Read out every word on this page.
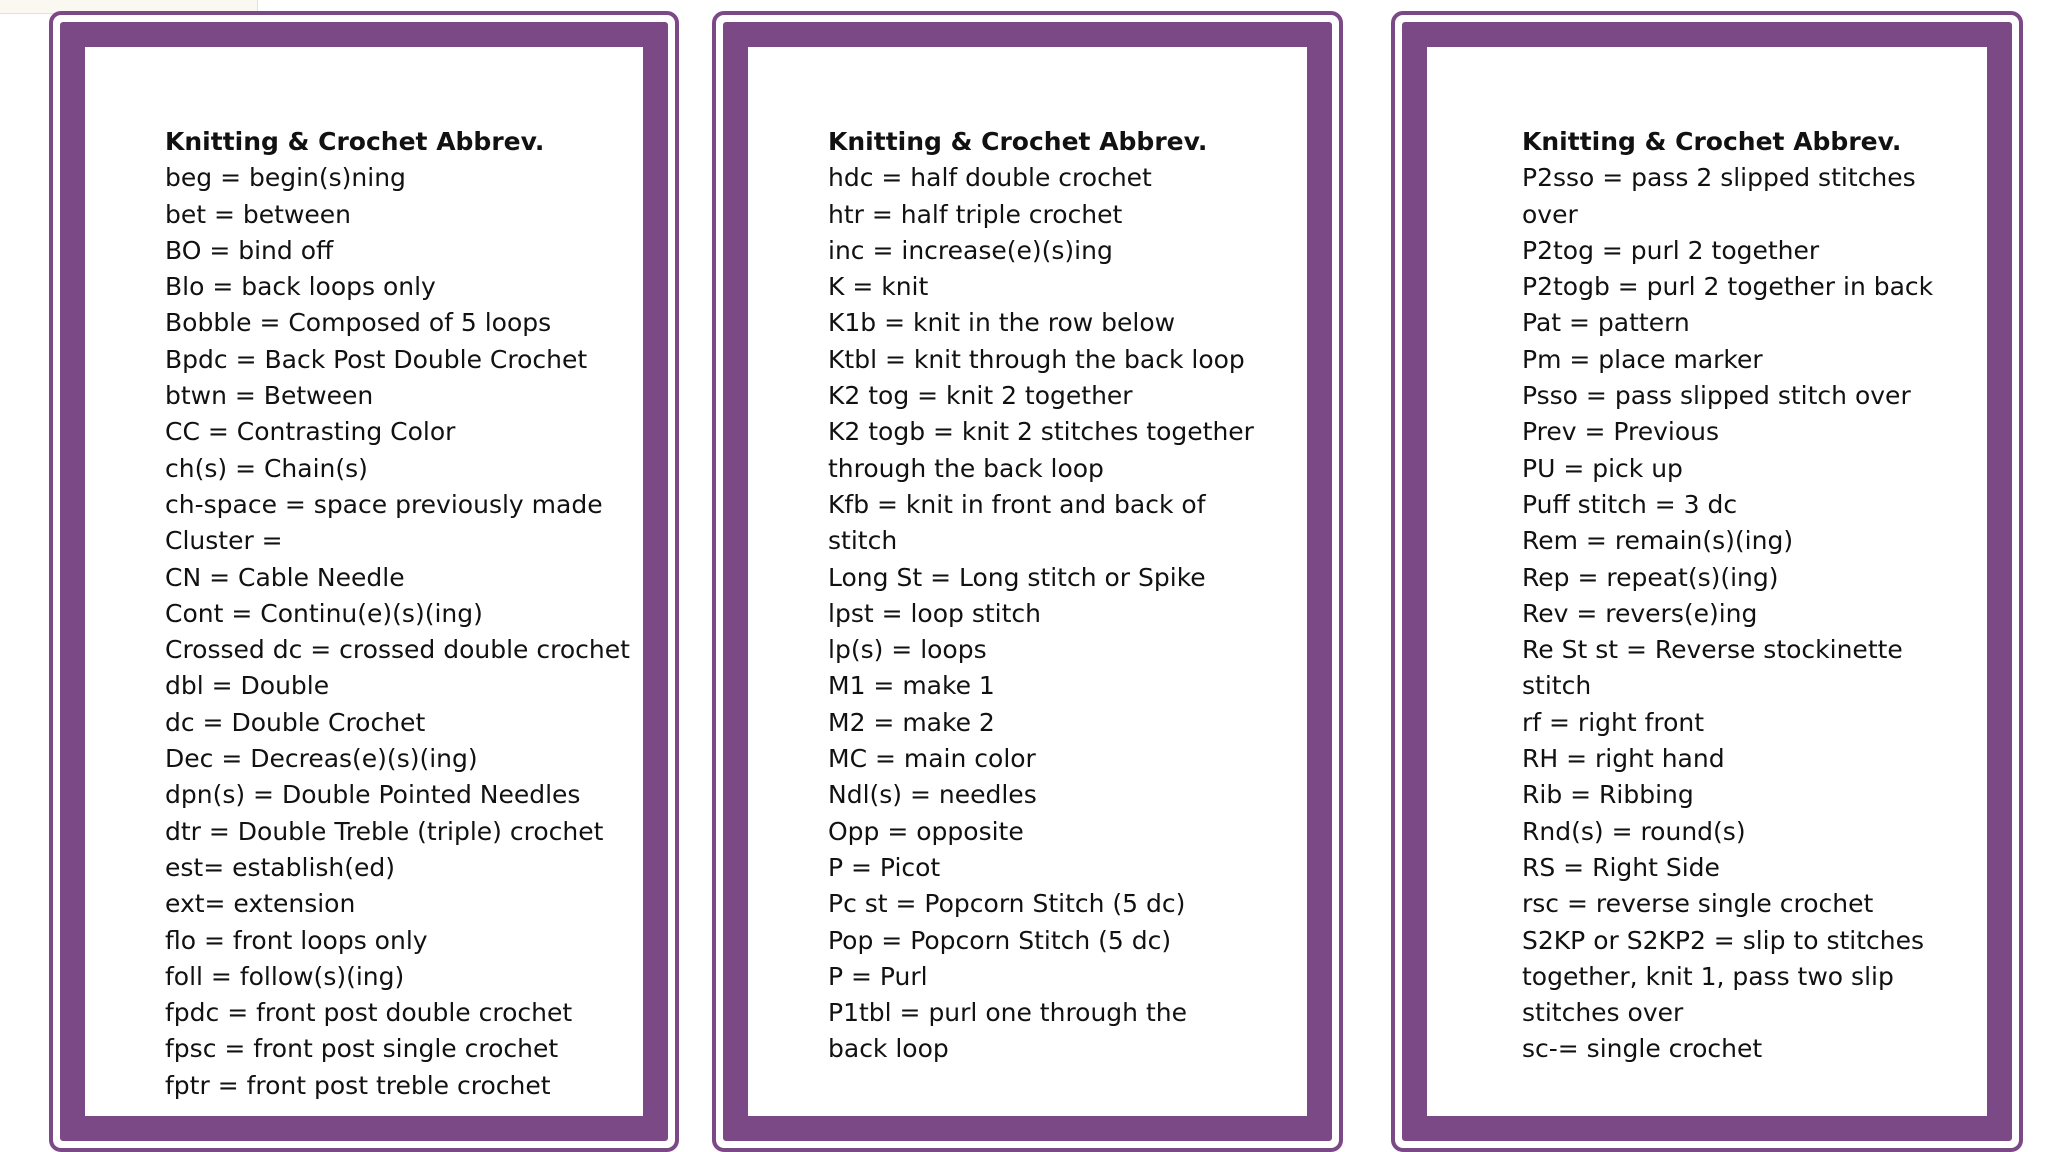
Knitting & Crochet Abbrev.
beg = begin(s)ning
bet = between
BO = bind off
Blo = back loops only
Bobble = Composed of 5 loops
Bpdc = Back Post Double Crochet
btwn = Between
CC = Contrasting Color
ch(s) = Chain(s)
ch-space = space previously made
Cluster =
CN = Cable Needle
Cont = Continu(e)(s)(ing)
Crossed dc = crossed double crochet
dbl = Double
dc = Double Crochet
Dec = Decreas(e)(s)(ing)
dpn(s) = Double Pointed Needles
dtr = Double Treble (triple) crochet
est= establish(ed)
ext= extension
flo = front loops only
foll = follow(s)(ing)
fpdc = front post double crochet
fpsc = front post single crochet
fptr = front post treble crochet
Knitting & Crochet Abbrev.
hdc = half double crochet
htr = half triple crochet
inc = increase(e)(s)ing
K = knit
K1b = knit in the row below
Ktbl = knit through the back loop
K2 tog = knit 2 together
K2 togb = knit 2 stitches together
through the back loop
Kfb = knit in front and back of
stitch
Long St = Long stitch or Spike
lpst = loop stitch
lp(s) = loops
M1 = make 1
M2 = make 2
MC = main color
Ndl(s) = needles
Opp = opposite
P = Picot
Pc st = Popcorn Stitch (5 dc)
Pop = Popcorn Stitch (5 dc)
P = Purl
P1tbl = purl one through the
back loop
Knitting & Crochet Abbrev.
P2sso = pass 2 slipped stitches
over
P2tog = purl 2 together
P2togb = purl 2 together in back
Pat = pattern
Pm = place marker
Psso = pass slipped stitch over
Prev = Previous
PU = pick up
Puff stitch = 3 dc
Rem = remain(s)(ing)
Rep = repeat(s)(ing)
Rev = revers(e)ing
Re St st = Reverse stockinette
stitch
rf = right front
RH = right hand
Rib = Ribbing
Rnd(s) = round(s)
RS = Right Side
rsc = reverse single crochet
S2KP or S2KP2 = slip to stitches
together, knit 1, pass two slip
stitches over
sc-= single crochet
